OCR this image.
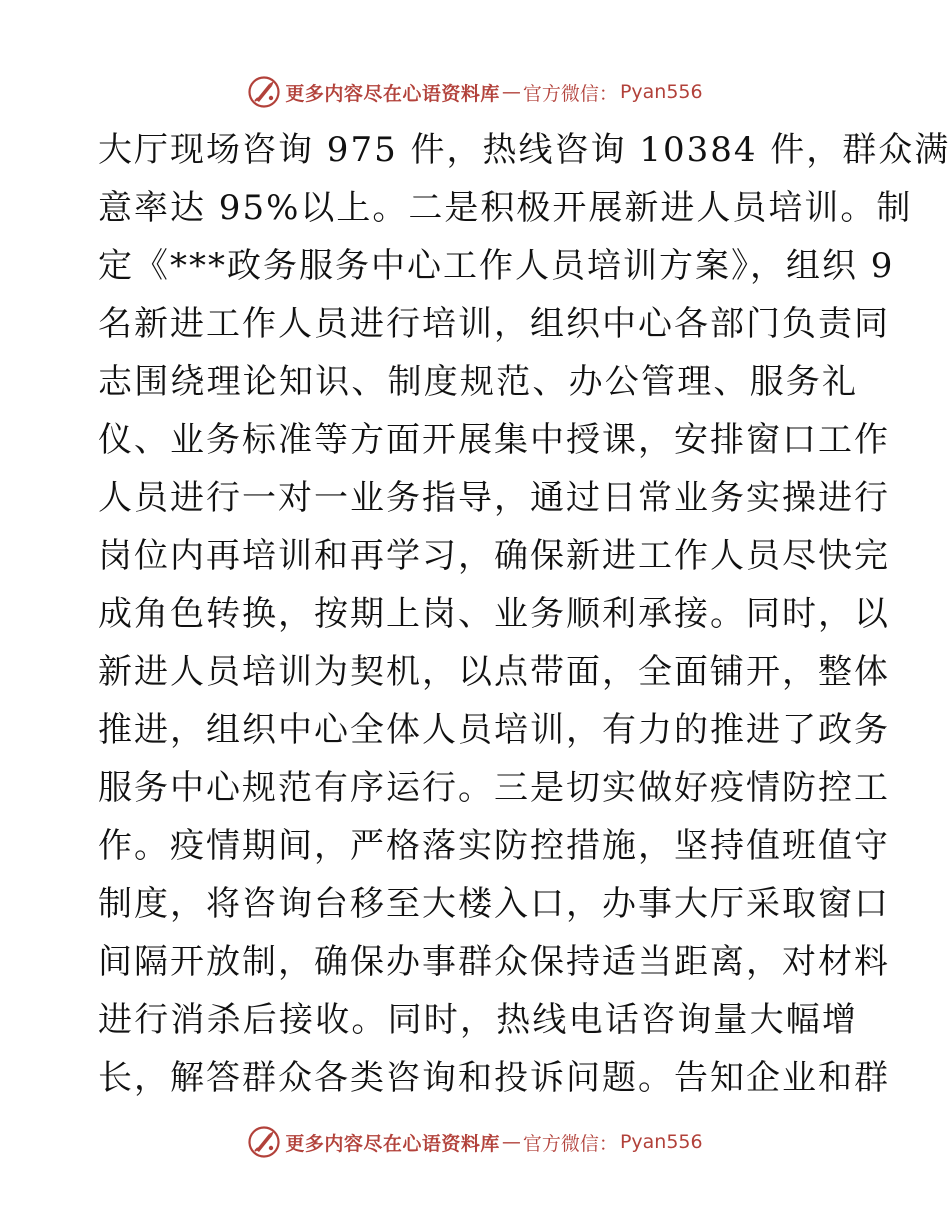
更多内容尽在心语资料库 — 官方微信： Pyan556
大厅现场咨询 975 件，热线咨询 10384 件，群众满
意率达 95%以上。二是积极开展新进人员培训。制
定《***政务服务中心工作人员培训方案》，组织 9
名新进工作人员进行培训，组织中心各部门负责同
志围绕理论知识、制度规范、办公管理、服务礼
仪、业务标准等方面开展集中授课，安排窗口工作
人员进行一对一业务指导，通过日常业务实操进行
岗位内再培训和再学习，确保新进工作人员尽快完
成角色转换，按期上岗、业务顺利承接。同时，以
新进人员培训为契机，以点带面，全面铺开，整体
推进，组织中心全体人员培训，有力的推进了政务
服务中心规范有序运行。三是切实做好疫情防控工
作。疫情期间，严格落实防控措施，坚持值班值守
制度，将咨询台移至大楼入口，办事大厅采取窗口
间隔开放制，确保办事群众保持适当距离，对材料
进行消杀后接收。同时，热线电话咨询量大幅增
长，解答群众各类咨询和投诉问题。告知企业和群
更多内容尽在心语资料库 — 官方微信： Pyan556
